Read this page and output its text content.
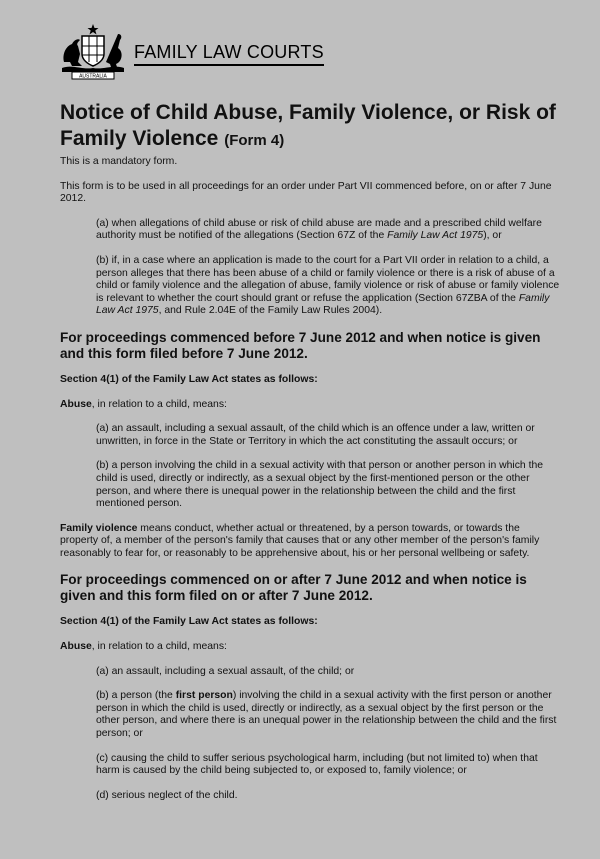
AUSTRALIA
FAMILY LAW COURTS
Notice of Child Abuse, Family Violence, or Risk of Family Violence (Form 4)

This is a mandatory form.

This form is to be used in all proceedings for an order under Part VII commenced before, on or after 7 June 2012.

(a) when allegations of child abuse or risk of child abuse are made and a prescribed child welfare authority must be notified of the allegations (Section 67Z of the Family Law Act 1975), or

(b) if, in a case where an application is made to the court for a Part VII order in relation to a child, a person alleges that there has been abuse of a child or family violence or there is a risk of abuse of a child or family violence and the allegation of abuse, family violence or risk of abuse or family violence is relevant to whether the court should grant or refuse the application (Section 67ZBA of the Family Law Act 1975, and Rule 2.04E of the Family Law Rules 2004).

For proceedings commenced before 7 June 2012 and when notice is given and this form filed before 7 June 2012.

Section 4(1) of the Family Law Act states as follows:

Abuse, in relation to a child, means:

(a) an assault, including a sexual assault, of the child which is an offence under a law, written or unwritten, in force in the State or Territory in which the act constituting the assault occurs; or

(b) a person involving the child in a sexual activity with that person or another person in which the child is used, directly or indirectly, as a sexual object by the first-mentioned person or the other person, and where there is unequal power in the relationship between the child and the first mentioned person.

Family violence means conduct, whether actual or threatened, by a person towards, or towards the property of, a member of the person's family that causes that or any other member of the person's family reasonably to fear for, or reasonably to be apprehensive about, his or her personal wellbeing or safety.

For proceedings commenced on or after 7 June 2012 and when notice is given and this form filed on or after 7 June 2012.

Section 4(1) of the Family Law Act states as follows:

Abuse, in relation to a child, means:

(a) an assault, including a sexual assault, of the child; or

(b) a person (the first person) involving the child in a sexual activity with the first person or another person in which the child is used, directly or indirectly, as a sexual object by the first person or the other person, and where there is an unequal power in the relationship between the child and the first person; or

(c) causing the child to suffer serious psychological harm, including (but not limited to) when that harm is caused by the child being subjected to, or exposed to, family violence; or

(d) serious neglect of the child.
